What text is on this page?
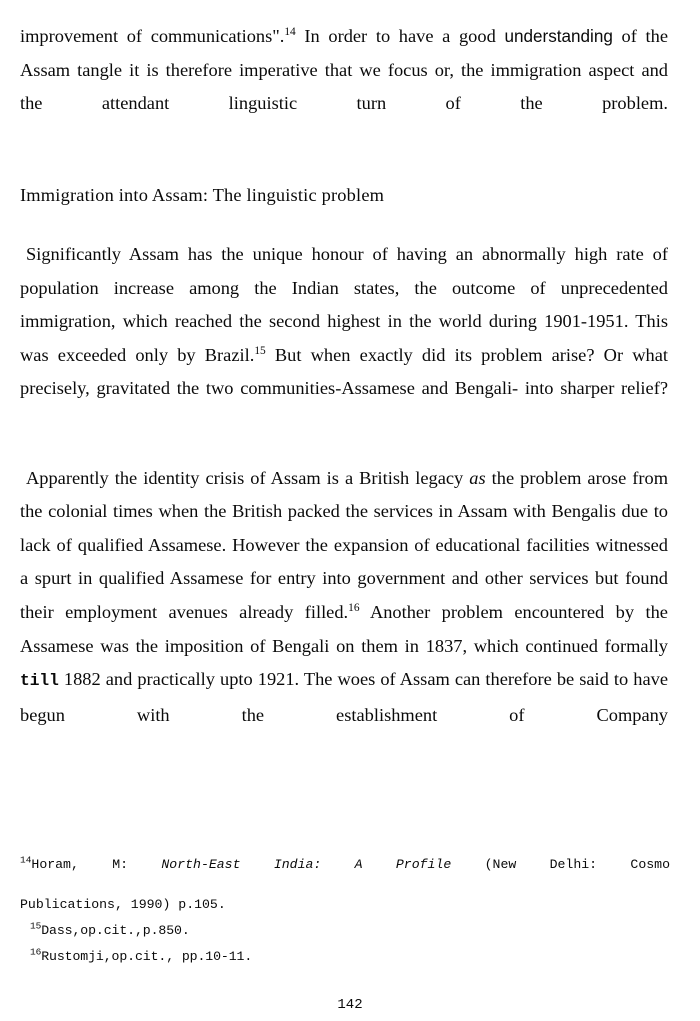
improvement of communications".$^{14}$ In order to have a good understanding of the Assam tangle it is therefore imperative that we focus or, the immigration aspect and the attendant linguistic turn of the problem.

Immigration into Assam: The linguistic problem

Significantly Assam has the unique honour of having an abnormally high rate of population increase among the Indian states, the outcome of unprecedented immigration, which reached the second highest in the world during 1901-1951. This was exceeded only by Brazil.$^{15}$ But when exactly did its problem arise? Or what precisely, gravitated the two communities-Assamese and Bengali- into sharper relief?

Apparently the identity crisis of Assam is a British legacy as the problem arose from the colonial times when the British packed the services in Assam with Bengalis due to lack of qualified Assamese. However the expansion of educational facilities witnessed a spurt in qualified Assamese for entry into government and other services but found their employment avenues already filled.$^{16}$ Another problem encountered by the Assamese was the imposition of Bengali on them in 1837, which continued formally till 1882 and practically upto 1921. The woes of Assam can therefore be said to have begun with the establishment of Company

$^{14}$Horam, M: North-East India: A Profile (New Delhi: Cosmo
Publications, 1990) p.105.

$^{15}$Dass,op.cit.,p.850.

$^{16}$Rustomji,op.cit., pp.10-11.

142
